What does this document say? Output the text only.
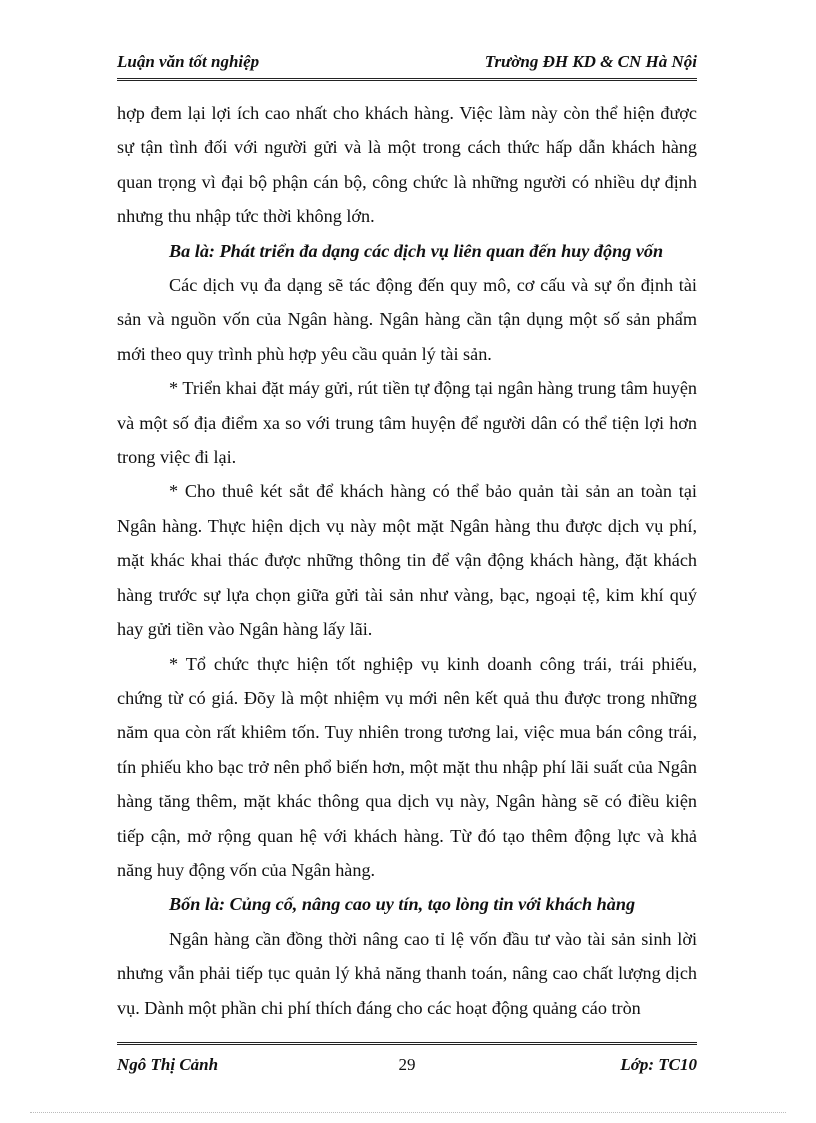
Luận văn tốt nghiệp	Trường ĐH KD & CN Hà Nội

hợp đem lại lợi ích cao nhất cho khách hàng. Việc làm này còn thể hiện được sự tận tình đối với người gửi và là một trong cách thức hấp dẫn khách hàng quan trọng vì đại bộ phận cán bộ, công chức là những người có nhiều dự định nhưng thu nhập tức thời không lớn.

Ba là: Phát triển đa dạng các dịch vụ liên quan đến huy động vốn

Các dịch vụ đa dạng sẽ tác động đến quy mô, cơ cấu và sự ổn định tài sản và nguồn vốn của Ngân hàng. Ngân hàng cần tận dụng một số sản phẩm mới theo quy trình phù hợp yêu cầu quản lý tài sản.

* Triển khai đặt máy gửi, rút tiền tự động tại ngân hàng trung tâm huyện và một số địa điểm xa so với trung tâm huyện để người dân có thể tiện lợi hơn trong việc đi lại.

* Cho thuê két sắt để khách hàng có thể bảo quản tài sản an toàn tại Ngân hàng. Thực hiện dịch vụ này một mặt Ngân hàng thu được dịch vụ phí, mặt khác khai thác được những thông tin để vận động khách hàng, đặt khách hàng trước sự lựa chọn giữa gửi tài sản như vàng, bạc, ngoại tệ, kim khí quý hay gửi tiền vào Ngân hàng lấy lãi.

* Tổ chức thực hiện tốt nghiệp vụ kinh doanh công trái, trái phiếu, chứng từ có giá. Đõy là một nhiệm vụ mới nên kết quả thu được trong những năm qua còn rất khiêm tốn. Tuy nhiên trong tương lai, việc mua bán công trái, tín phiếu kho bạc trở nên phổ biến hơn, một mặt thu nhập phí lãi suất của Ngân hàng tăng thêm, mặt khác thông qua dịch vụ này, Ngân hàng sẽ có điều kiện tiếp cận, mở rộng quan hệ với khách hàng. Từ đó tạo thêm động lực và khả năng huy động vốn của Ngân hàng.

Bốn là: Củng cố, nâng cao uy tín, tạo lòng tin với khách hàng

Ngân hàng cần đồng thời nâng cao tỉ lệ vốn đầu tư vào tài sản sinh lời nhưng vẫn phải tiếp tục quản lý khả năng thanh toán, nâng cao chất lượng dịch vụ. Dành một phần chi phí thích đáng cho các hoạt động quảng cáo tròn

Ngô Thị Cảnh	29	Lớp: TC10
